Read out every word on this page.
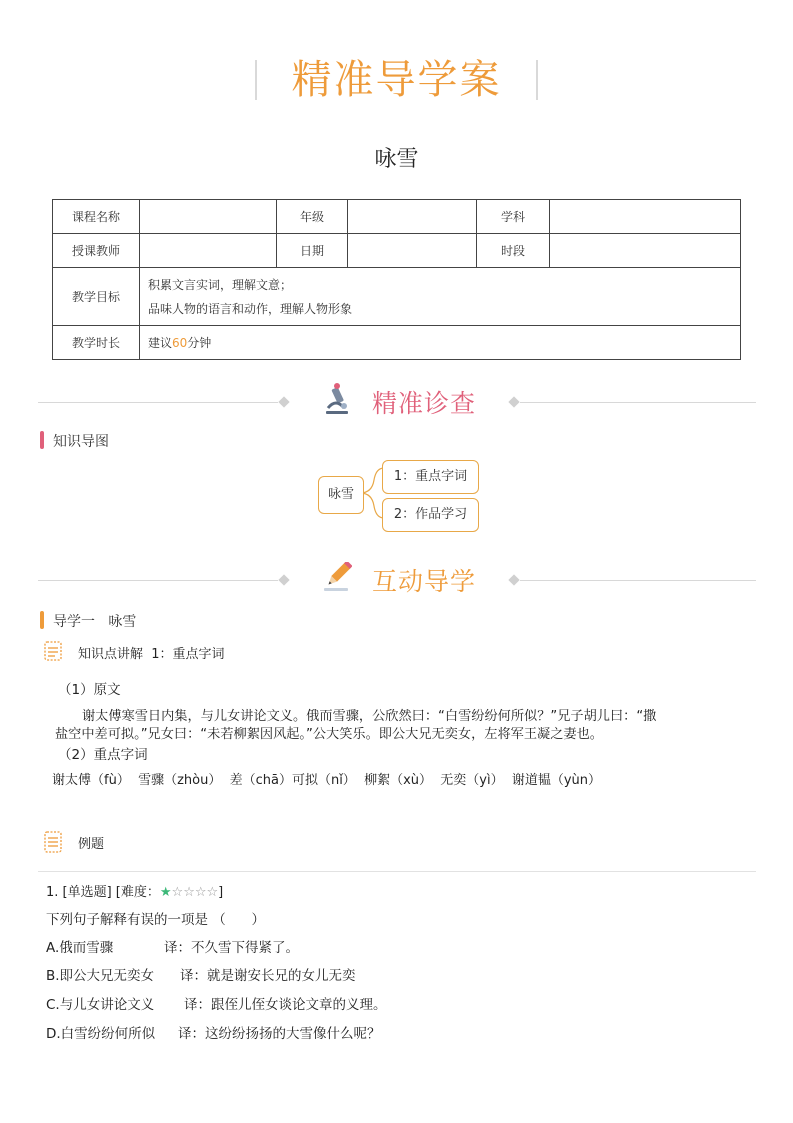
精准导学案
咏雪
课程名称		年级		学科	
授课教师		日期		时段	
教学目标	积累文言实词，理解文意；
品味人物的语言和动作，理解人物形象				

教学时长	建议60分钟				
精准诊查
知识导图
咏雪
1：重点字词
2：作品学习
互动导学
导学一   咏雪
知识点讲解  1：重点字词
（1）原文
谢太傅寒雪日内集，与儿女讲论文义。俄而雪骤，公欣然曰：“白雪纷纷何所似？”兄子胡儿曰：“撒
盐空中差可拟。”兄女曰：“未若柳絮因风起。”公大笑乐。即公大兄无奕女，左将军王凝之妻也。
（2）重点字词
谢太傅（fù）  雪骤（zhòu）  差（chā）可拟（nǐ）  柳絮（xù）  无奕（yì）  谢道韫（yùn）
例题
1. [单选题] [难度：★☆☆☆☆]
下列句子解释有误的一项是 （      ）
A.俄而雪骤	译：不久雪下得紧了。
B.即公大兄无奕女 译：就是谢安长兄的女儿无奕
C.与儿女讲论文义 译：跟侄儿侄女谈论文章的义理。
D.白雪纷纷何所似 译：这纷纷扬扬的大雪像什么呢？
